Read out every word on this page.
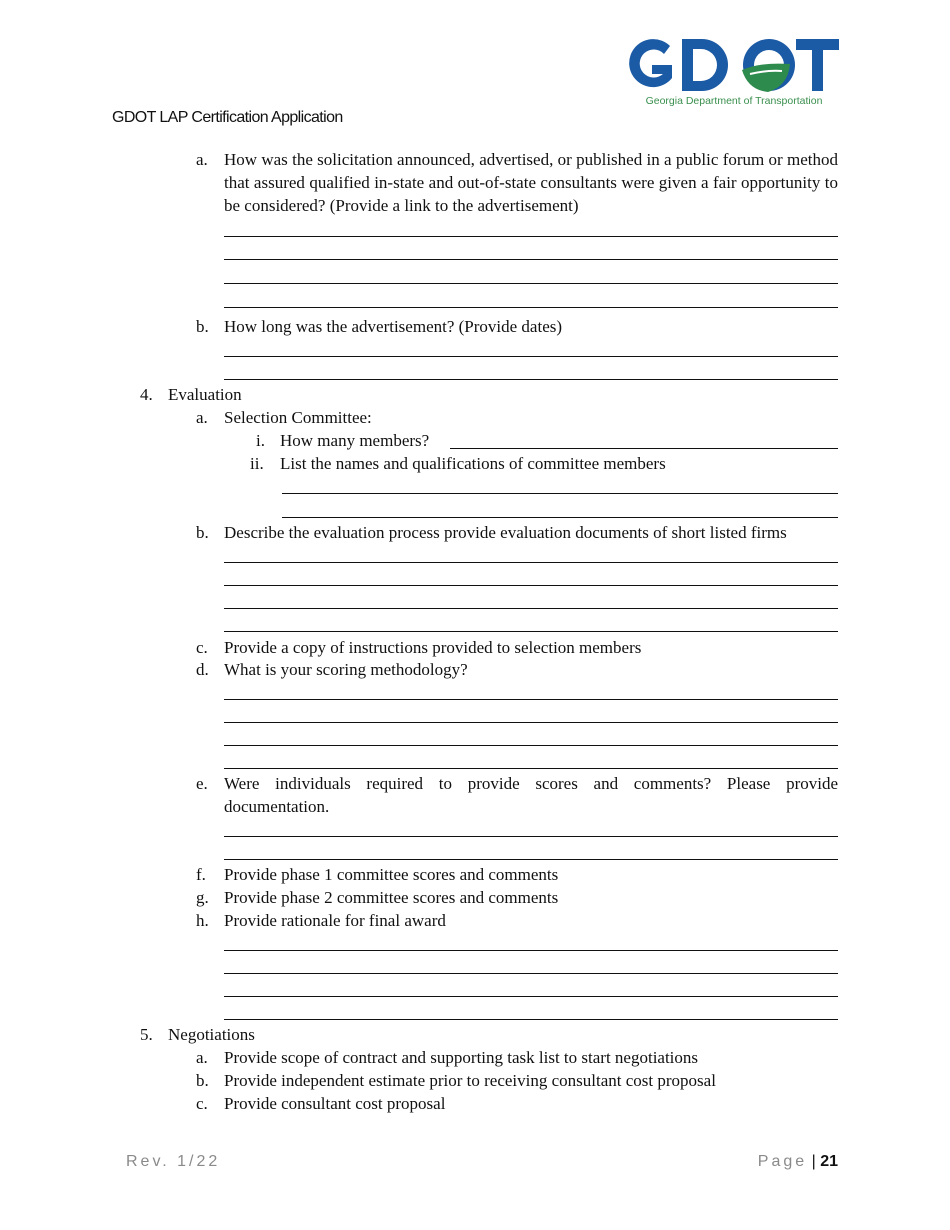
Georgia Department of Transportation
GDOT LAP Certification Application
a. How was the solicitation announced, advertised, or published in a public forum or method that assured qualified in-state and out-of-state consultants were given a fair opportunity to be considered? (Provide a link to the advertisement)
b. How long was the advertisement? (Provide dates)
4. Evaluation
a. Selection Committee:
i. How many members?
ii. List the names and qualifications of committee members
b. Describe the evaluation process provide evaluation documents of short listed firms
c. Provide a copy of instructions provided to selection members
d. What is your scoring methodology?
e. Were individuals required to provide scores and comments? Please provide documentation.
f. Provide phase 1 committee scores and comments
g. Provide phase 2 committee scores and comments
h. Provide rationale for final award
5. Negotiations
a. Provide scope of contract and supporting task list to start negotiations
b. Provide independent estimate prior to receiving consultant cost proposal
c. Provide consultant cost proposal
Rev. 1/22	Page | 21
